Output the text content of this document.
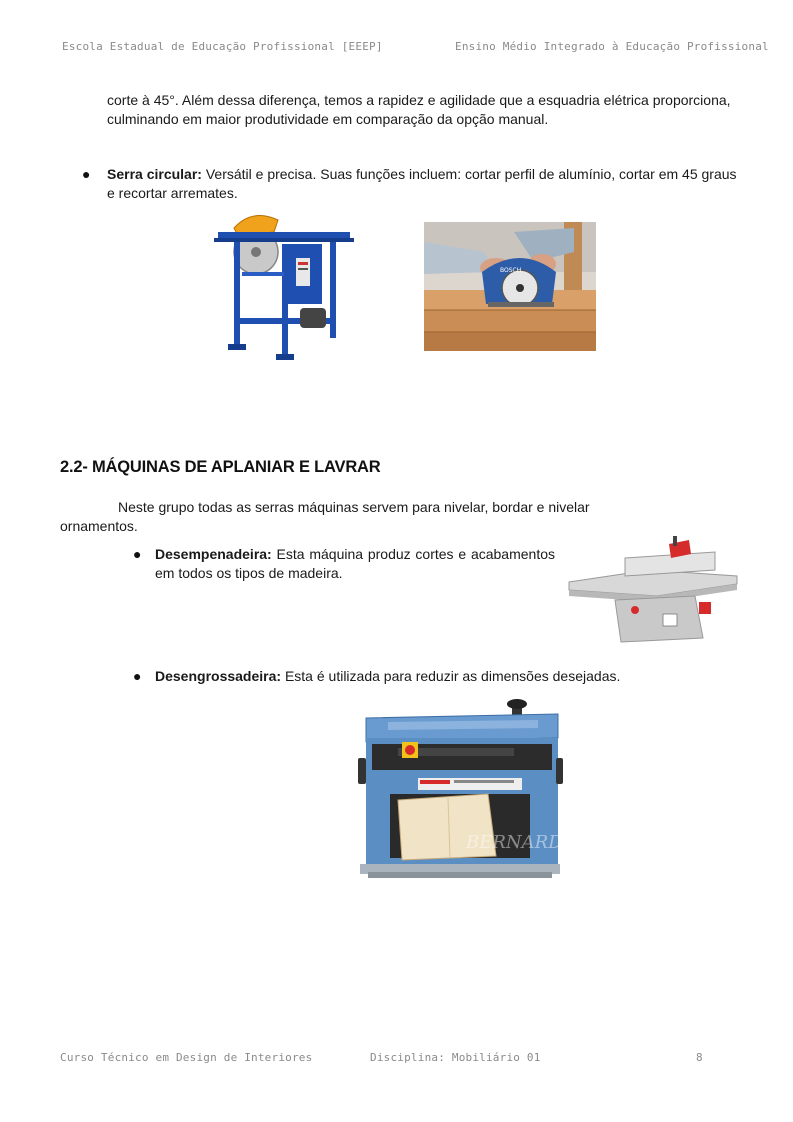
Escola Estadual de Educação Profissional [EEEP]	Ensino Médio Integrado à Educação Profissional
corte à 45°. Além dessa diferença, temos a rapidez e agilidade que a esquadria elétrica proporciona, culminando em maior produtividade em comparação da opção manual.
● Serra circular: Versátil e precisa. Suas funções incluem: cortar perfil de alumínio, cortar em 45 graus e recortar arremates.
BOSCH
2.2- MÁQUINAS DE APLANIAR E LAVRAR
Neste grupo todas as serras máquinas servem para nivelar, bordar e nivelar ornamentos.
● Desempenadeira: Esta máquina produz cortes e acabamentos em todos os tipos de madeira.
● Desengrossadeira: Esta é utilizada para reduzir as dimensões desejadas.
BERNARDO
Curso Técnico em Design de Interiores	Disciplina: Mobiliário 01	8
